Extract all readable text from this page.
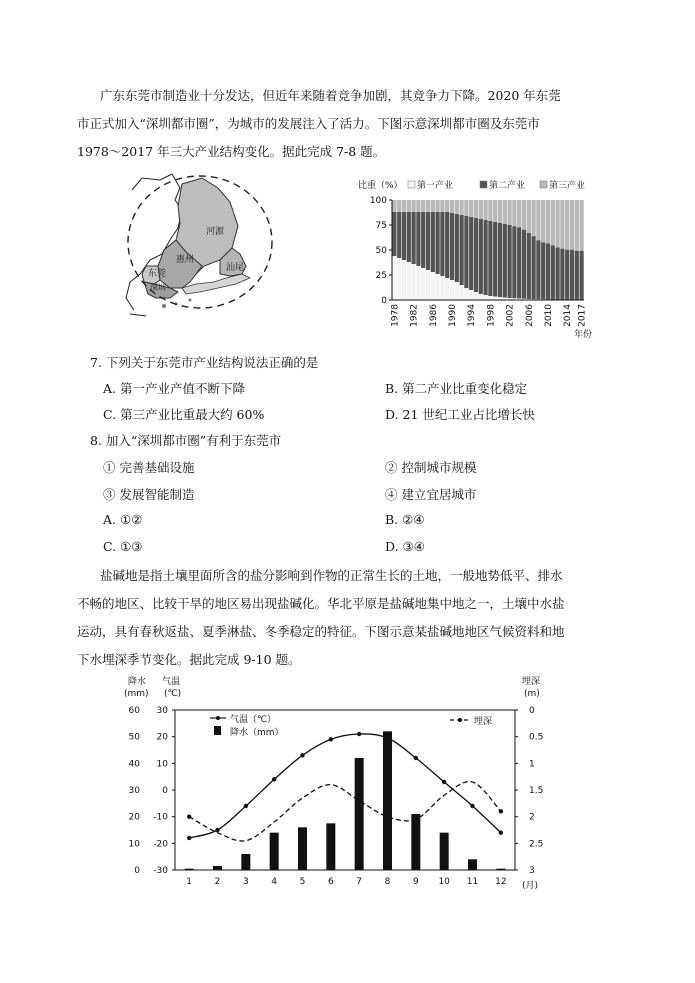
广东东莞市制造业十分发达，但近年来随着竞争加剧，其竞争力下降。2020 年东莞
市正式加入“深圳都市圈”，为城市的发展注入了活力。下图示意深圳都市圈及东莞市
1978～2017 年三大产业结构变化。据此完成 7-8 题。
河源
惠州
汕尾
东莞
深圳
比重（%） 第一产业	第二产业	第三产业
0
25
50
75
100
1978 1982 1986 1990 1994 1998 2002 2006 2010 2014 2017
年份
7. 下列关于东莞市产业结构说法正确的是
A. 第一产业产值不断下降	B. 第二产业比重变化稳定
C. 第三产业比重最大约 60%	D. 21 世纪工业占比增长快
8. 加入“深圳都市圈”有利于东莞市
① 完善基础设施	② 控制城市规模
③ 发展智能制造	④ 建立宜居城市
A. ①②	B. ②④
C. ①③	D. ③④
盐碱地是指土壤里面所含的盐分影响到作物的正常生长的土地，一般地势低平、排水
不畅的地区、比较干旱的地区易出现盐碱化。华北平原是盐碱地集中地之一，土壤中水盐
运动，具有春秋返盐、夏季淋盐、冬季稳定的特征。下图示意某盐碱地地区气候资料和地
下水埋深季节变化。据此完成 9-10 题。
降水
(mm)
气温
(℃)
埋深
(m)
0
10
20
30
40
50
60
-30
-20
-10
0
10
20
30	0
0.5
1
1.5
2
2.5
3
1	2	3	4	5	6	7	8	9 10 11 12
气温（℃）
降水（mm）
埋深
(月)
